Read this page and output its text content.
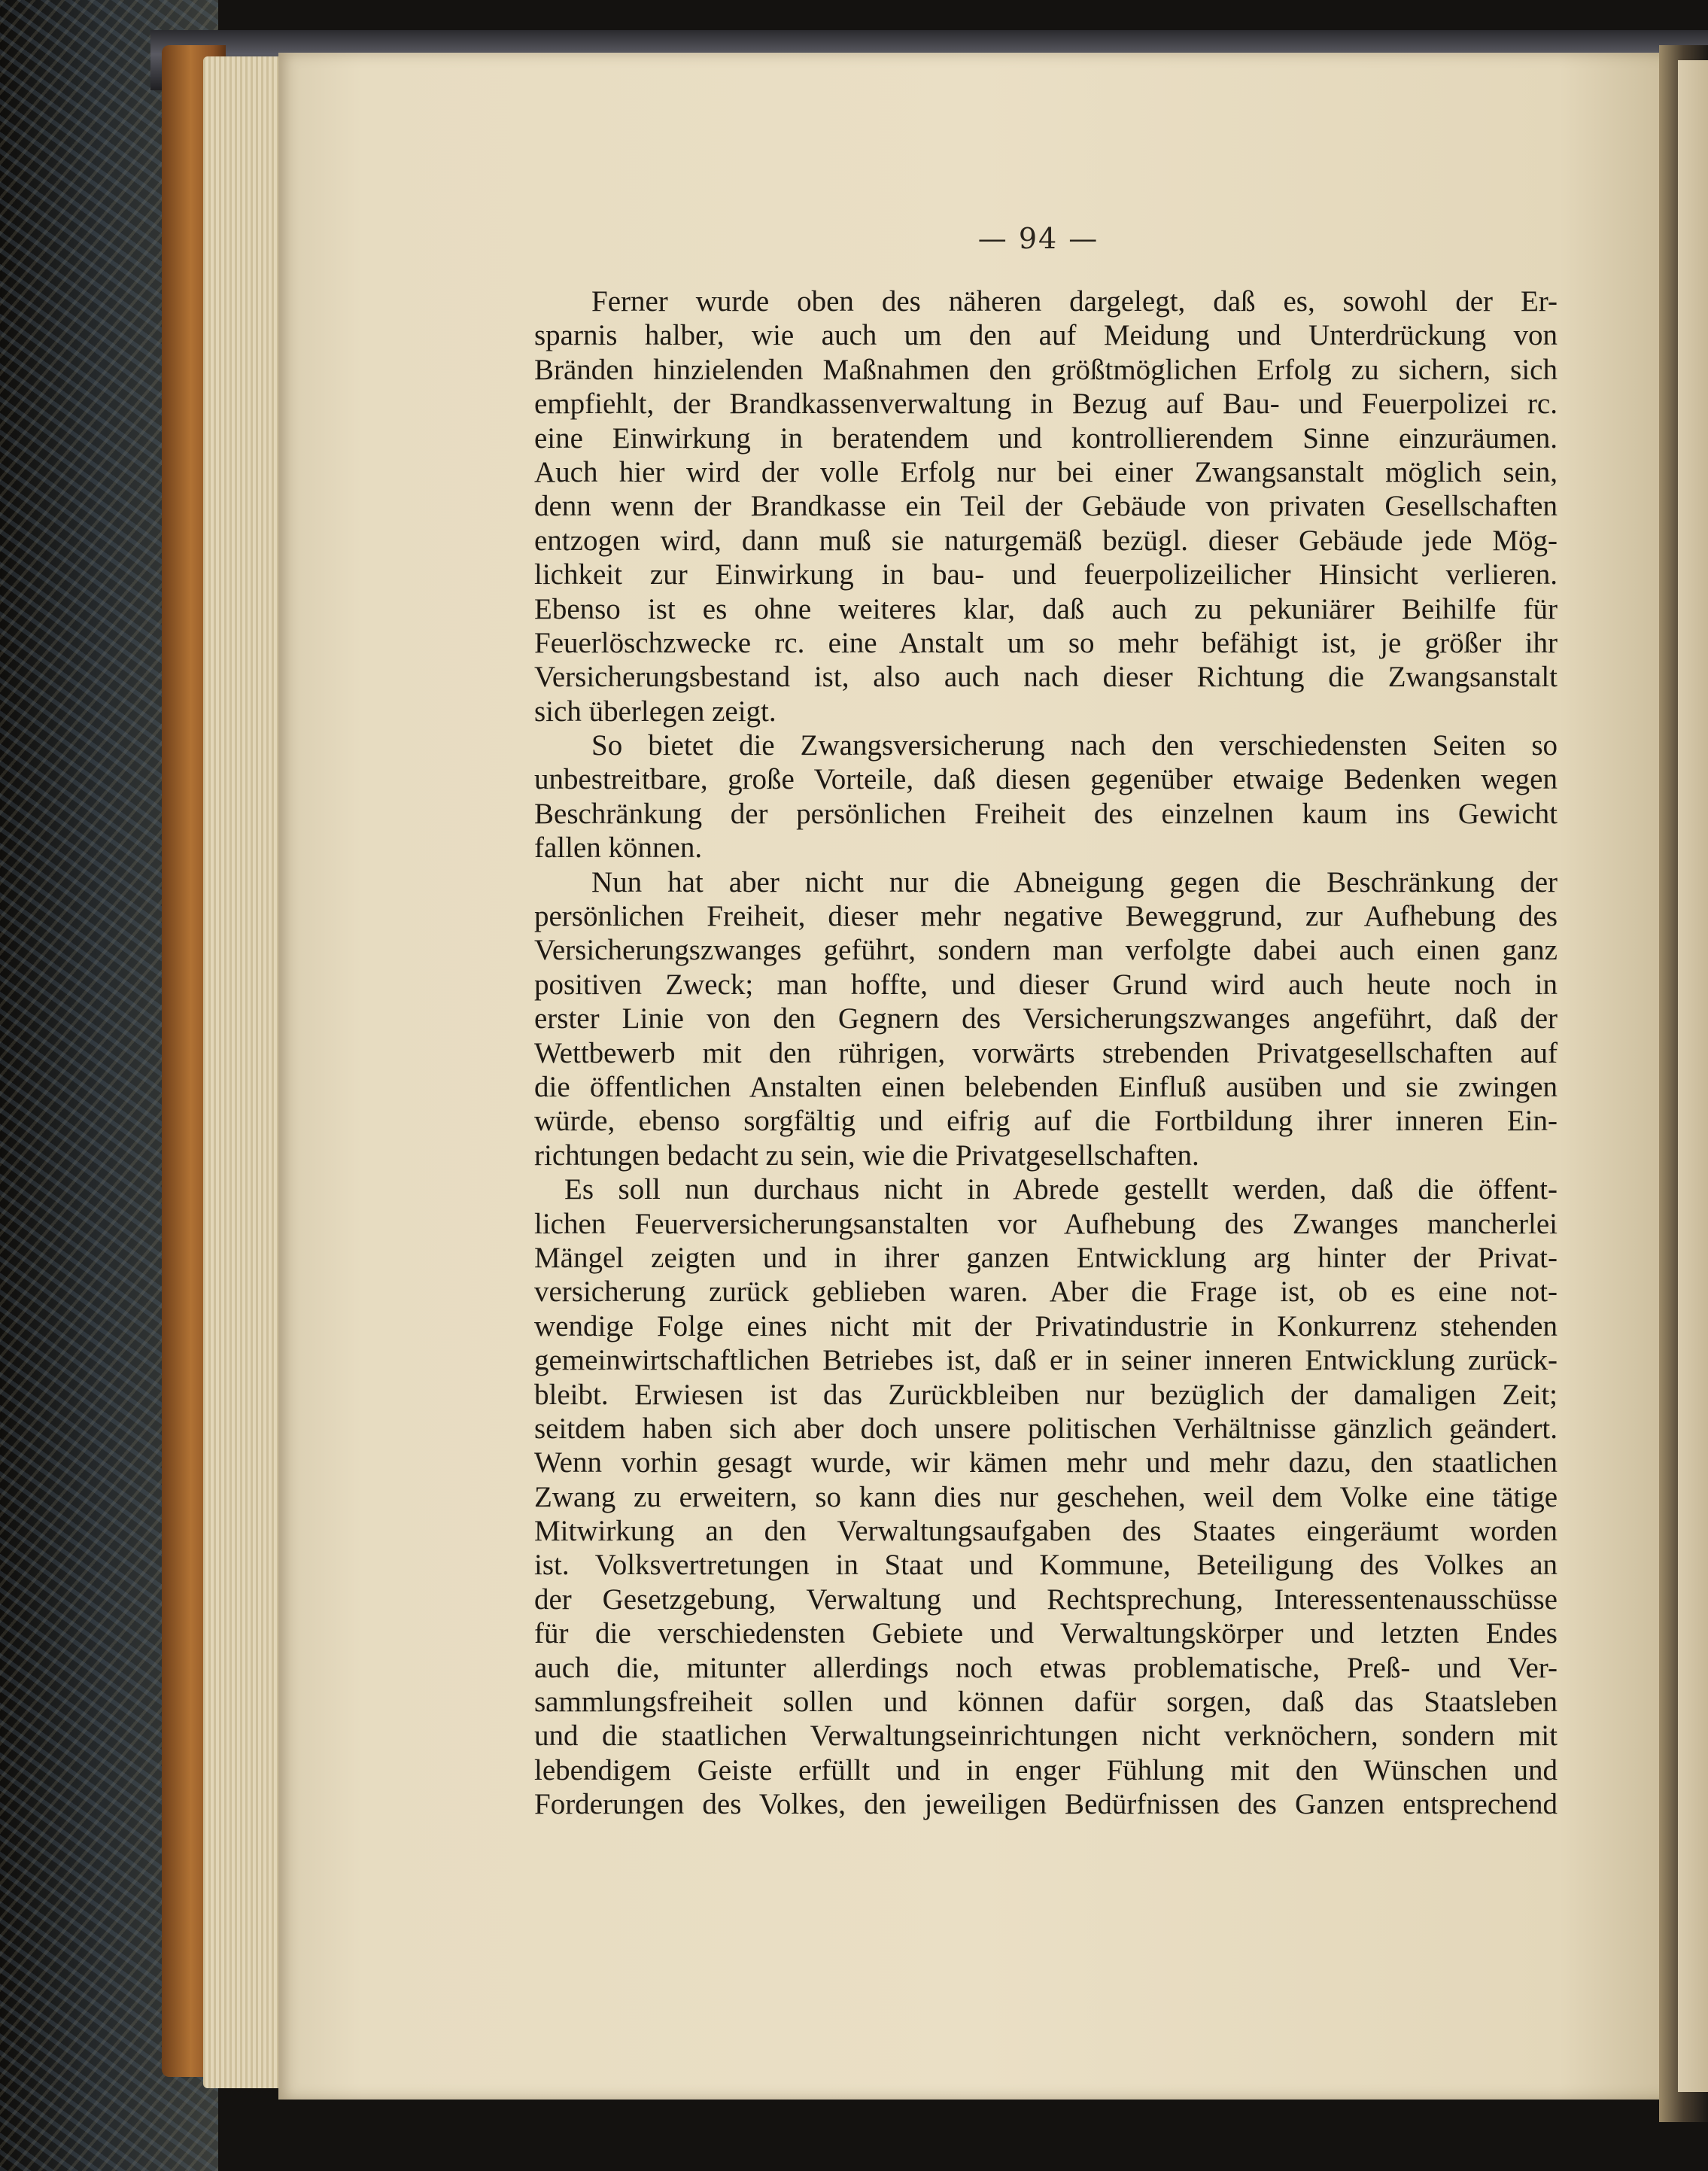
— 94 —
Ferner wurde oben des näheren dargelegt, daß es, sowohl der Er-
sparnis halber, wie auch um den auf Meidung und Unterdrückung von
Bränden hinzielenden Maßnahmen den größtmöglichen Erfolg zu sichern, sich
empfiehlt, der Brandkassenverwaltung in Bezug auf Bau- und Feuerpolizei rc.
eine Einwirkung in beratendem und kontrollierendem Sinne einzuräumen.
Auch hier wird der volle Erfolg nur bei einer Zwangsanstalt möglich sein,
denn wenn der Brandkasse ein Teil der Gebäude von privaten Gesellschaften
entzogen wird, dann muß sie naturgemäß bezügl. dieser Gebäude jede Mög-
lichkeit zur Einwirkung in bau- und feuerpolizeilicher Hinsicht verlieren.
Ebenso ist es ohne weiteres klar, daß auch zu pekuniärer Beihilfe für
Feuerlöschzwecke rc. eine Anstalt um so mehr befähigt ist, je größer ihr
Versicherungsbestand ist, also auch nach dieser Richtung die Zwangsanstalt
sich überlegen zeigt.
So bietet die Zwangsversicherung nach den verschiedensten Seiten so
unbestreitbare, große Vorteile, daß diesen gegenüber etwaige Bedenken wegen
Beschränkung der persönlichen Freiheit des einzelnen kaum ins Gewicht
fallen können.
Nun hat aber nicht nur die Abneigung gegen die Beschränkung der
persönlichen Freiheit, dieser mehr negative Beweggrund, zur Aufhebung des
Versicherungszwanges geführt, sondern man verfolgte dabei auch einen ganz
positiven Zweck; man hoffte, und dieser Grund wird auch heute noch in
erster Linie von den Gegnern des Versicherungszwanges angeführt, daß der
Wettbewerb mit den rührigen, vorwärts strebenden Privatgesellschaften auf
die öffentlichen Anstalten einen belebenden Einfluß ausüben und sie zwingen
würde, ebenso sorgfältig und eifrig auf die Fortbildung ihrer inneren Ein-
richtungen bedacht zu sein, wie die Privatgesellschaften.
Es soll nun durchaus nicht in Abrede gestellt werden, daß die öffent-
lichen Feuerversicherungsanstalten vor Aufhebung des Zwanges mancherlei
Mängel zeigten und in ihrer ganzen Entwicklung arg hinter der Privat-
versicherung zurück geblieben waren. Aber die Frage ist, ob es eine not-
wendige Folge eines nicht mit der Privatindustrie in Konkurrenz stehenden
gemeinwirtschaftlichen Betriebes ist, daß er in seiner inneren Entwicklung zurück-
bleibt. Erwiesen ist das Zurückbleiben nur bezüglich der damaligen Zeit;
seitdem haben sich aber doch unsere politischen Verhältnisse gänzlich geändert.
Wenn vorhin gesagt wurde, wir kämen mehr und mehr dazu, den staatlichen
Zwang zu erweitern, so kann dies nur geschehen, weil dem Volke eine tätige
Mitwirkung an den Verwaltungsaufgaben des Staates eingeräumt worden
ist. Volksvertretungen in Staat und Kommune, Beteiligung des Volkes an
der Gesetzgebung, Verwaltung und Rechtsprechung, Interessentenausschüsse
für die verschiedensten Gebiete und Verwaltungskörper und letzten Endes
auch die, mitunter allerdings noch etwas problematische, Preß- und Ver-
sammlungsfreiheit sollen und können dafür sorgen, daß das Staatsleben
und die staatlichen Verwaltungseinrichtungen nicht verknöchern, sondern mit
lebendigem Geiste erfüllt und in enger Fühlung mit den Wünschen und
Forderungen des Volkes, den jeweiligen Bedürfnissen des Ganzen entsprechend
